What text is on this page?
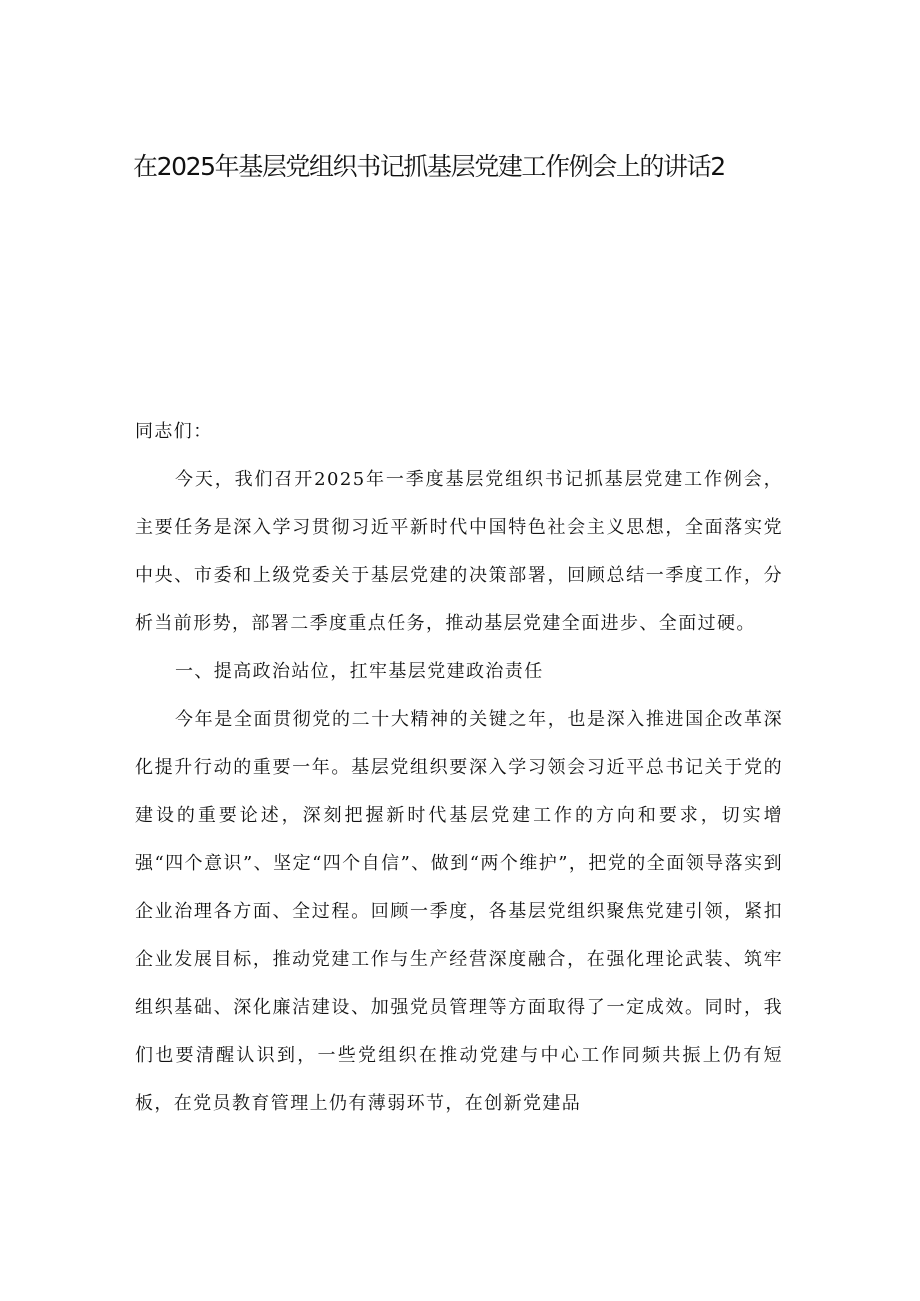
在2025年基层党组织书记抓基层党建工作例会上的讲话2

同志们：

今天，我们召开2025年一季度基层党组织书记抓基层党建工作例会，主要任务是深入学习贯彻习近平新时代中国特色社会主义思想，全面落实党中央、市委和上级党委关于基层党建的决策部署，回顾总结一季度工作，分析当前形势，部署二季度重点任务，推动基层党建全面进步、全面过硬。

一、提高政治站位，扛牢基层党建政治责任

今年是全面贯彻党的二十大精神的关键之年，也是深入推进国企改革深化提升行动的重要一年。基层党组织要深入学习领会习近平总书记关于党的建设的重要论述，深刻把握新时代基层党建工作的方向和要求，切实增强“四个意识”、坚定“四个自信”、做到“两个维护”，把党的全面领导落实到企业治理各方面、全过程。回顾一季度，各基层党组织聚焦党建引领，紧扣企业发展目标，推动党建工作与生产经营深度融合，在强化理论武装、筑牢组织基础、深化廉洁建设、加强党员管理等方面取得了一定成效。同时，我们也要清醒认识到，一些党组织在推动党建与中心工作同频共振上仍有短板，在党员教育管理上仍有薄弱环节，在创新党建品
